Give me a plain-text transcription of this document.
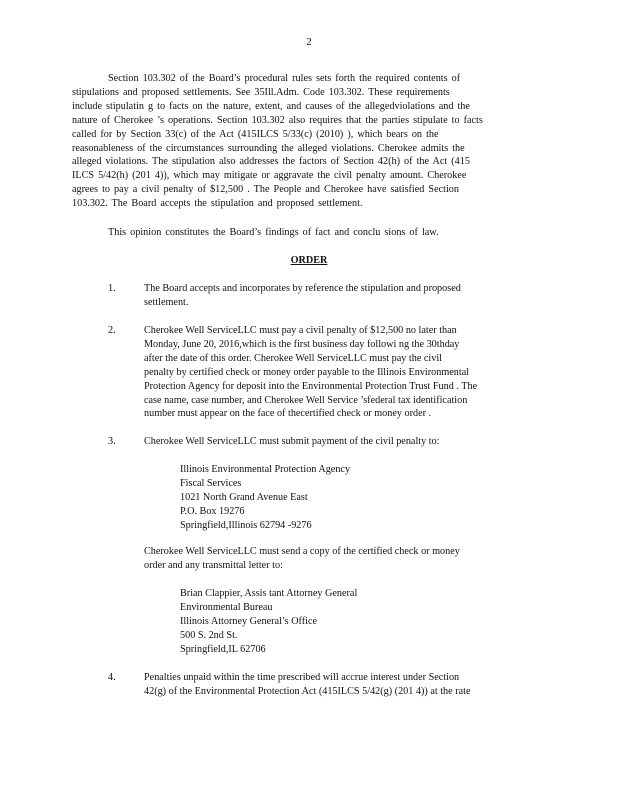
2
Section 103.302 of the Board’s procedural rules sets forth the required contents of
stipulations and proposed settlements. See 35Ill.Adm. Code 103.302. These requirements
include stipulatin g to facts on the nature, extent, and causes of the allegedviolations and the
nature of Cherokee ’s operations. Section 103.302 also requires that the parties stipulate to facts
called for by Section 33(c) of the Act (415ILCS 5/33(c) (2010) ), which bears on the
reasonableness of the circumstances surrounding the alleged violations. Cherokee admits the
alleged violations. The stipulation also addresses the factors of Section 42(h) of the Act (415
ILCS 5/42(h) (201 4)), which may mitigate or aggravate the civil penalty amount. Cherokee
agrees to pay a civil penalty of $12,500 . The People and Cherokee have satisfied Section
103.302. The Board accepts the stipulation and proposed settlement.
This opinion constitutes the Board’s findings of fact and conclu sions of law.
ORDER
1.	The Board accepts and incorporates by reference the stipulation and proposed
settlement.
2.	Cherokee Well ServiceLLC must pay a civil penalty of $12,500 no later than
Monday, June 20, 2016,which is the first business day followi ng the 30thday
after the date of this order. Cherokee Well ServiceLLC must pay the civil
penalty by certified check or money order payable to the Illinois Environmental
Protection Agency for deposit into the Environmental Protection Trust Fund . The
case name, case number, and Cherokee Well Service ’sfederal tax identification
number must appear on the face of thecertified check or money order .
3.	Cherokee Well ServiceLLC must submit payment of the civil penalty to:
Illinois Environmental Protection Agency
Fiscal Services
1021 North Grand Avenue East
P.O. Box 19276
Springfield,Illinois 62794 -9276
Cherokee Well ServiceLLC must send a copy of the certified check or money
order and any transmittal letter to:
Brian Clappier, Assis tant Attorney General
Environmental Bureau
Illinois Attorney General’s Office
500 S. 2nd St.
Springfield,IL 62706
4.	Penalties unpaid within the time prescribed will accrue interest under Section
42(g) of the Environmental Protection Act (415ILCS 5/42(g) (201 4)) at the rate
